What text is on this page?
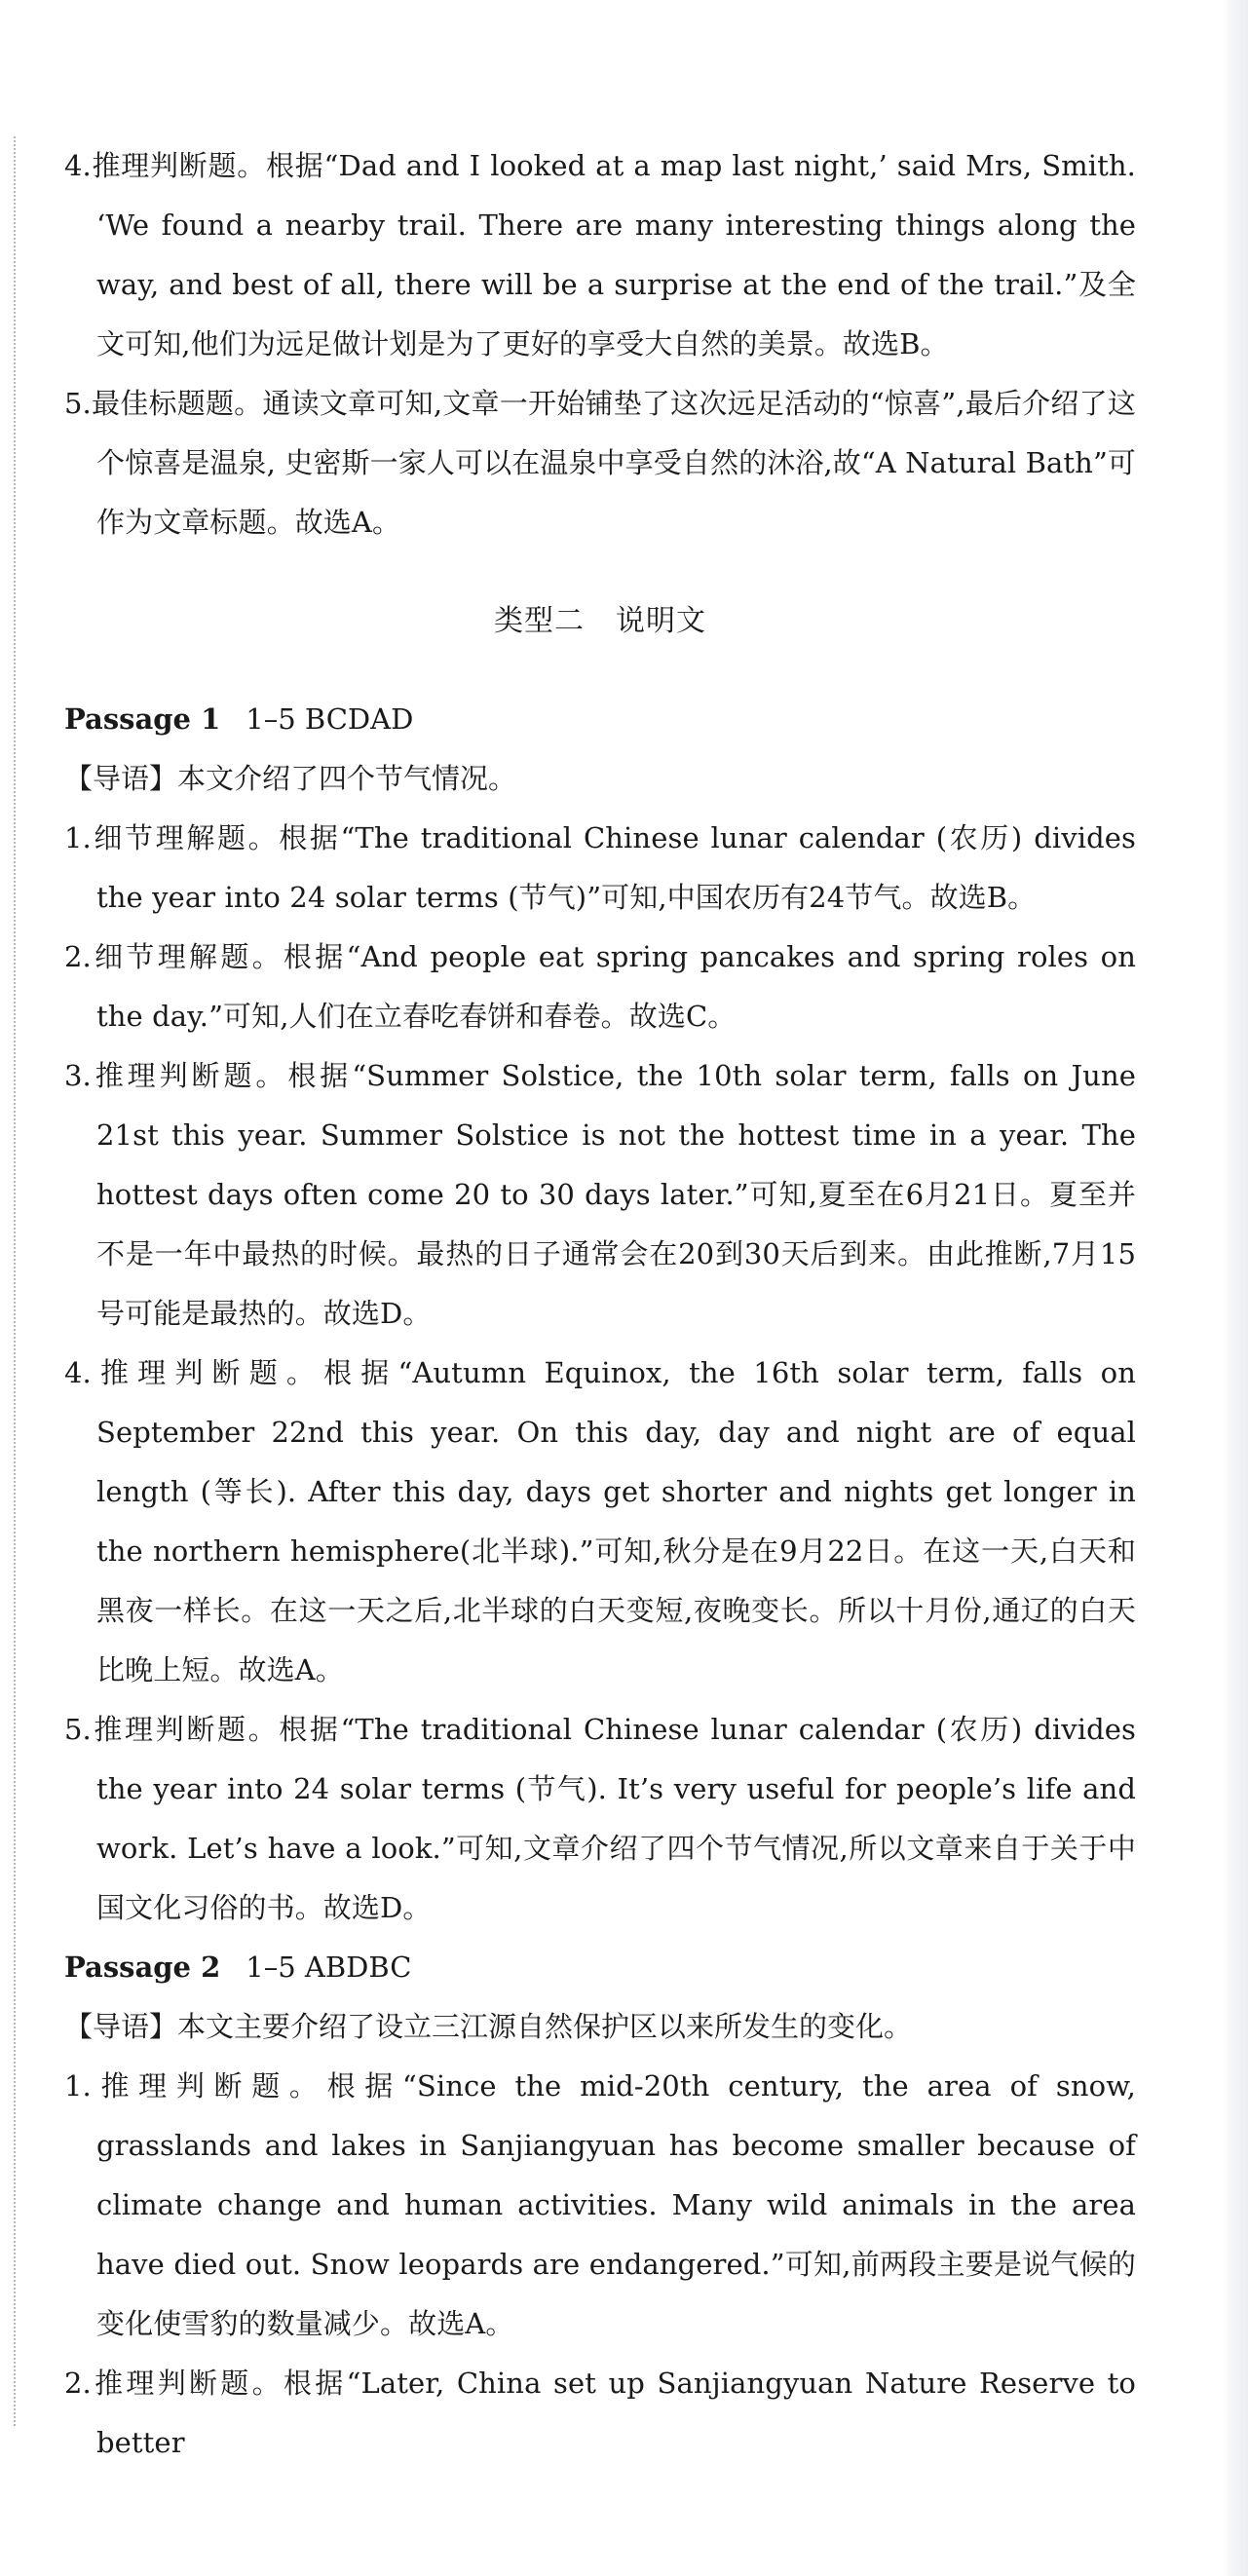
4.推理判断题。根据“Dad and I looked at a map last night,’ said Mrs, Smith. ‘We found a nearby trail. There are many interesting things along the way, and best of all, there will be a surprise at the end of the trail.”及全文可知,他们为远足做计划是为了更好的享受大自然的美景。故选B。
5.最佳标题题。通读文章可知,文章一开始铺垫了这次远足活动的“惊喜”,最后介绍了这个惊喜是温泉, 史密斯一家人可以在温泉中享受自然的沐浴,故“A Natural Bath”可作为文章标题。故选A。
类型二 说明文
Passage 1 1–5 BCDAD
【导语】本文介绍了四个节气情况。
1.细节理解题。根据“The traditional Chinese lunar calendar (农历) divides the year into 24 solar terms (节气)”可知,中国农历有24节气。故选B。
2.细节理解题。根据“And people eat spring pancakes and spring roles on the day.”可知,人们在立春吃春饼和春卷。故选C。
3.推理判断题。根据“Summer Solstice, the 10th solar term, falls on June 21st this year. Summer Solstice is not the hottest time in a year. The hottest days often come 20 to 30 days later.”可知,夏至在6月21日。夏至并不是一年中最热的时候。最热的日子通常会在20到30天后到来。由此推断,7月15号可能是最热的。故选D。
4.推理判断题。根据“Autumn Equinox, the 16th solar term, falls on September 22nd this year. On this day, day and night are of equal length (等长). After this day, days get shorter and nights get longer in the northern hemisphere(北半球).”可知,秋分是在9月22日。在这一天,白天和黑夜一样长。在这一天之后,北半球的白天变短,夜晚变长。所以十月份,通辽的白天比晚上短。故选A。
5.推理判断题。根据“The traditional Chinese lunar calendar (农历) divides the year into 24 solar terms (节气). It’s very useful for people’s life and work. Let’s have a look.”可知,文章介绍了四个节气情况,所以文章来自于关于中国文化习俗的书。故选D。
Passage 2 1–5 ABDBC
【导语】本文主要介绍了设立三江源自然保护区以来所发生的变化。
1.推理判断题。根据“Since the mid-20th century, the area of snow, grasslands and lakes in Sanjiangyuan has become smaller because of climate change and human activities. Many wild animals in the area have died out. Snow leopards are endangered.”可知,前两段主要是说气候的变化使雪豹的数量减少。故选A。
2.推理判断题。根据“Later, China set up Sanjiangyuan Nature Reserve to better
